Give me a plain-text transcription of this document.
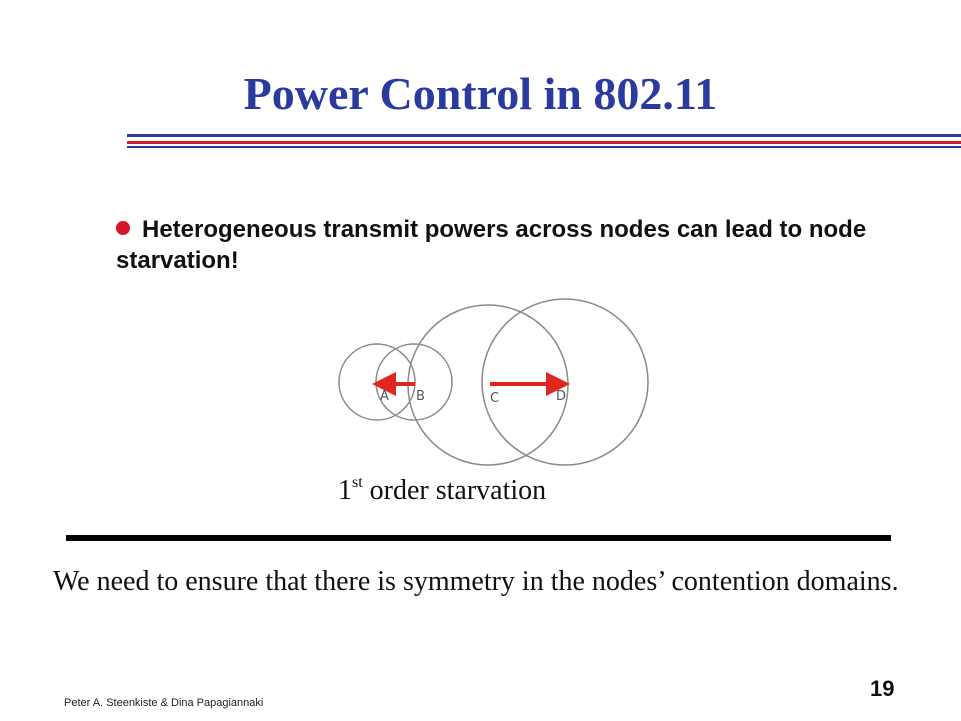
Power Control in 802.11
Heterogeneous transmit powers across nodes can lead to node starvation!
A B	C	D
1st order starvation
We need to ensure that there is symmetry in the nodes’ contention domains.
Peter A. Steenkiste & Dina Papagiannaki
19
